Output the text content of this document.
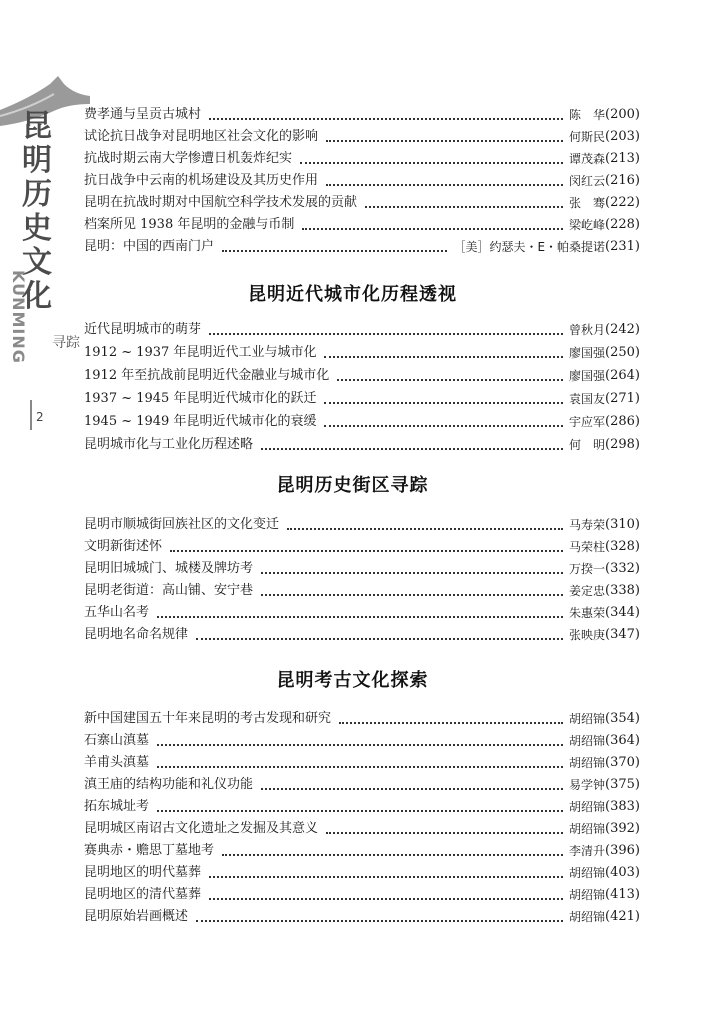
昆明历史文化
KUNMING 寻踪
2
费孝通与呈贡古城村	陈　华 (200)
试论抗日战争对昆明地区社会文化的影响	何斯民 (203)
抗战时期云南大学惨遭日机轰炸纪实	谭茂森 (213)
抗日战争中云南的机场建设及其历史作用	闵红云 (216)
昆明在抗战时期对中国航空科学技术发展的贡献	张　骞 (222)
档案所见 1938 年昆明的金融与币制	梁屹峰 (228)
昆明：中国的西南门户	［美］约瑟夫・E・帕桑提诺 (231)
昆明近代城市化历程透视
近代昆明城市的萌芽	曾秋月 (242)
1912 ~ 1937 年昆明近代工业与城市化	廖国强 (250)
1912 年至抗战前昆明近代金融业与城市化	廖国强 (264)
1937 ~ 1945 年昆明近代城市化的跃迁	袁国友 (271)
1945 ~ 1949 年昆明近代城市化的衰缓	宇应军 (286)
昆明城市化与工业化历程述略	何　明 (298)
昆明历史街区寻踪
昆明市顺城街回族社区的文化变迁	马寿荣 (310)
文明新街述怀	马荣柱 (328)
昆明旧城城门、城楼及牌坊考	万揆一 (332)
昆明老街道：高山铺、安宁巷	姜定忠 (338)
五华山名考	朱惠荣 (344)
昆明地名命名规律	张映庚 (347)
昆明考古文化探索
新中国建国五十年来昆明的考古发现和研究	胡绍锦 (354)
石寨山滇墓	胡绍锦 (364)
羊甫头滇墓	胡绍锦 (370)
滇王庙的结构功能和礼仪功能	易学钟 (375)
拓东城址考	胡绍锦 (383)
昆明城区南诏古文化遗址之发掘及其意义	胡绍锦 (392)
赛典赤・赡思丁墓地考	李清升 (396)
昆明地区的明代墓葬	胡绍锦 (403)
昆明地区的清代墓葬	胡绍锦 (413)
昆明原始岩画概述	胡绍锦 (421)
